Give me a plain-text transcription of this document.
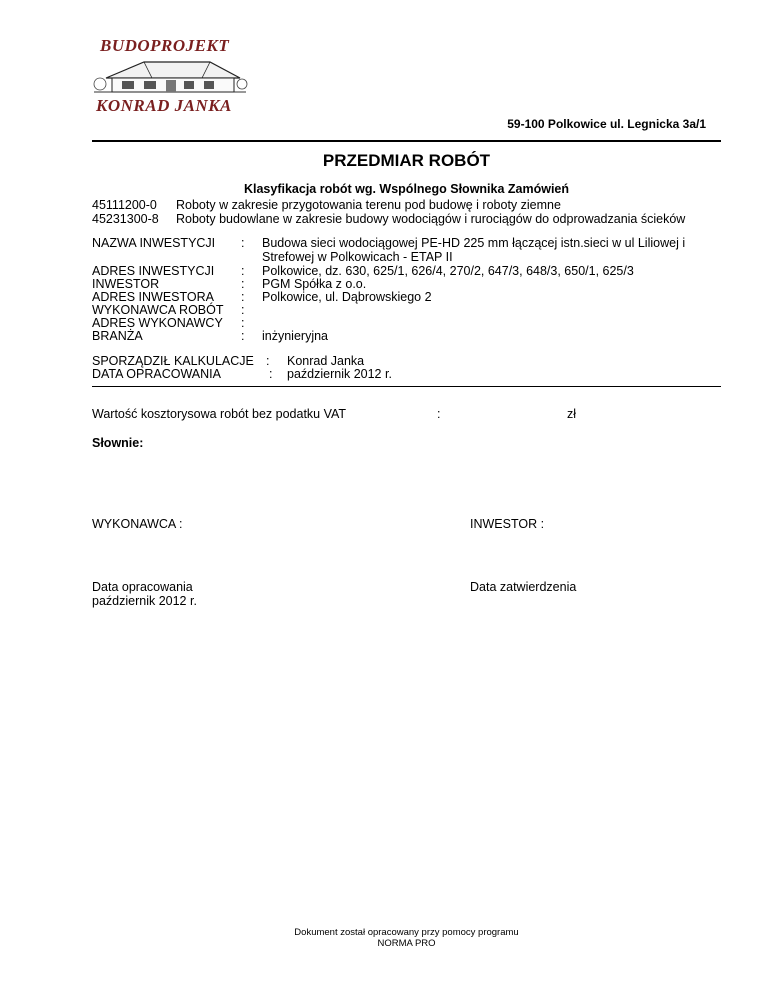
BUDOPROJEKT
KONRAD JANKA
59-100 Polkowice ul. Legnicka 3a/1
PRZEDMIAR ROBÓT
Klasyfikacja robót wg. Wspólnego Słownika Zamówień
45111200-0 Roboty w zakresie przygotowania terenu pod budowę i roboty ziemne
45231300-8 Roboty budowlane w zakresie budowy wodociągów i rurociągów do odprowadzania ścieków
NAZWA INWESTYCJI : Budowa sieci wodociągowej PE-HD 225 mm łączącej istn.sieci w ul Liliowej i Strefowej w Polkowicach - ETAP II
ADRES INWESTYCJI : Polkowice, dz. 630, 625/1, 626/4, 270/2, 647/3, 648/3, 650/1, 625/3
INWESTOR	: PGM Spółka z o.o.
ADRES INWESTORA : Polkowice, ul. Dąbrowskiego 2
WYKONAWCA ROBÓT :
ADRES WYKONAWCY :
BRANŻA	: inżynieryjna
SPORZĄDZIŁ KALKULACJE : Konrad Janka
DATA OPRACOWANIA	: październik 2012 r.
Wartość kosztorysowa robót bez podatku VAT	:	zł
Słownie:
WYKONAWCA :	INWESTOR :
Data opracowania
październik 2012 r.
Data zatwierdzenia
Dokument został opracowany przy pomocy programu
NORMA PRO
